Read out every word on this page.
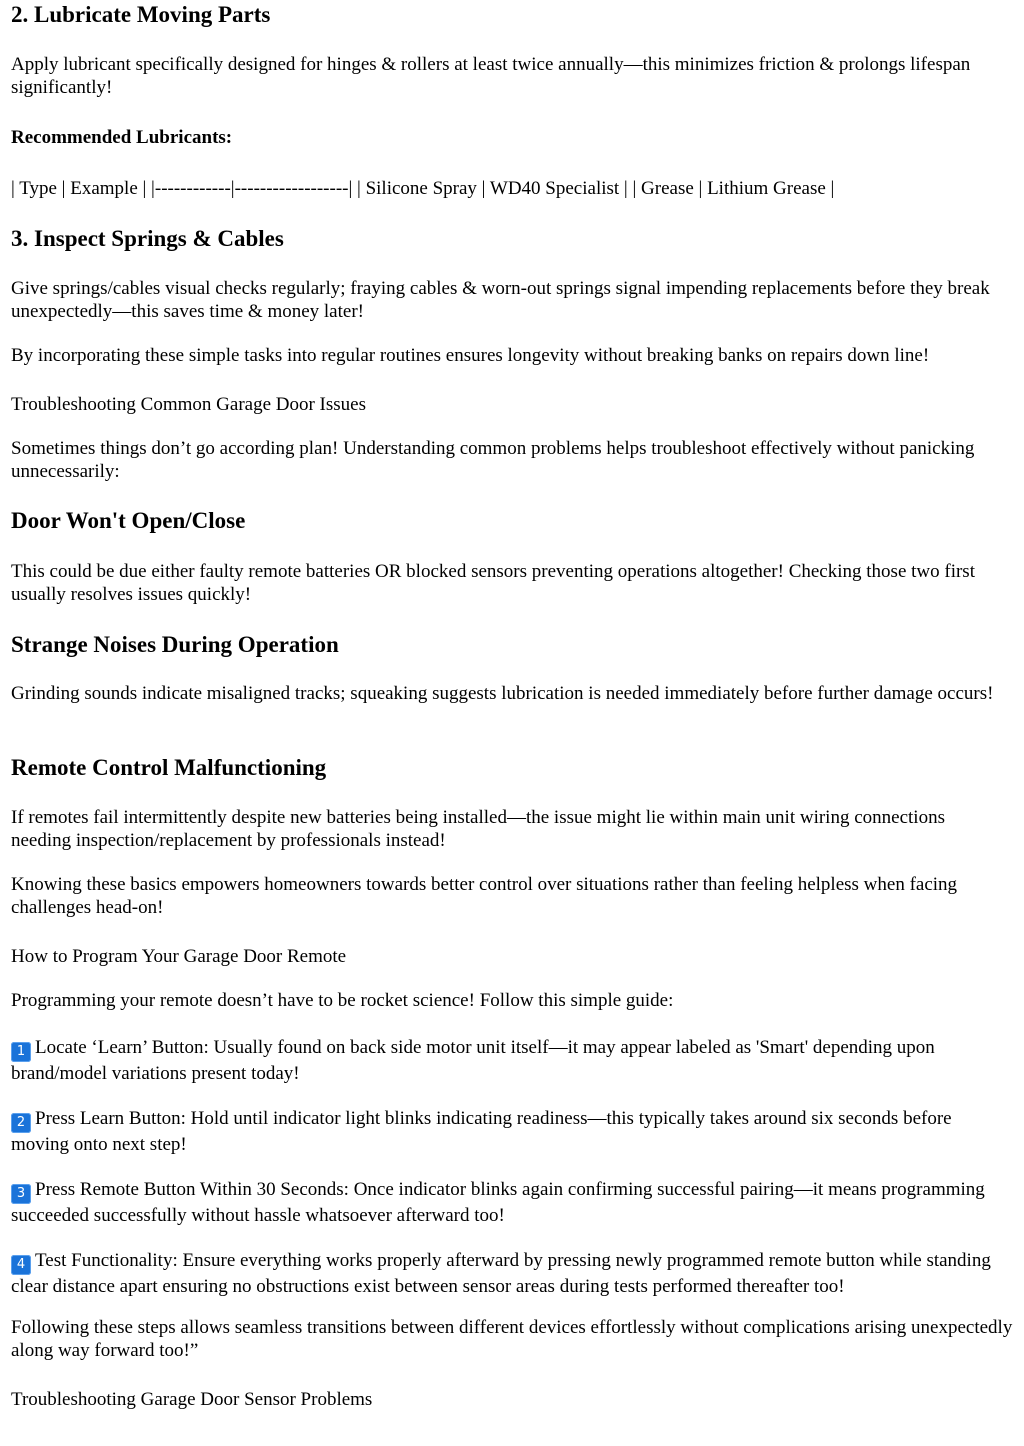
2. Lubricate Moving Parts

Apply lubricant specifically designed for hinges & rollers at least twice annually—this minimizes friction & prolongs lifespan significantly!

Recommended Lubricants:

| Type | Example | |------------|------------------| | Silicone Spray | WD40 Specialist | | Grease | Lithium Grease |

3. Inspect Springs & Cables

Give springs/cables visual checks regularly; fraying cables & worn-out springs signal impending replacements before they break unexpectedly—this saves time & money later!

By incorporating these simple tasks into regular routines ensures longevity without breaking banks on repairs down line!

Troubleshooting Common Garage Door Issues

Sometimes things don’t go according plan! Understanding common problems helps troubleshoot effectively without panicking unnecessarily:

Door Won't Open/Close

This could be due either faulty remote batteries OR blocked sensors preventing operations altogether! Checking those two first usually resolves issues quickly!

Strange Noises During Operation

Grinding sounds indicate misaligned tracks; squeaking suggests lubrication is needed immediately before further damage occurs!

Remote Control Malfunctioning

If remotes fail intermittently despite new batteries being installed—the issue might lie within main unit wiring connections needing inspection/replacement by professionals instead!

Knowing these basics empowers homeowners towards better control over situations rather than feeling helpless when facing challenges head-on!

How to Program Your Garage Door Remote

Programming your remote doesn’t have to be rocket science! Follow this simple guide:

1 Locate ‘Learn’ Button: Usually found on back side motor unit itself—it may appear labeled as 'Smart' depending upon brand/model variations present today!

2 Press Learn Button: Hold until indicator light blinks indicating readiness—this typically takes around six seconds before moving onto next step!

3 Press Remote Button Within 30 Seconds: Once indicator blinks again confirming successful pairing—it means programming succeeded successfully without hassle whatsoever afterward too!

4 Test Functionality: Ensure everything works properly afterward by pressing newly programmed remote button while standing clear distance apart ensuring no obstructions exist between sensor areas during tests performed thereafter too!

Following these steps allows seamless transitions between different devices effortlessly without complications arising unexpectedly along way forward too!”

Troubleshooting Garage Door Sensor Problems
